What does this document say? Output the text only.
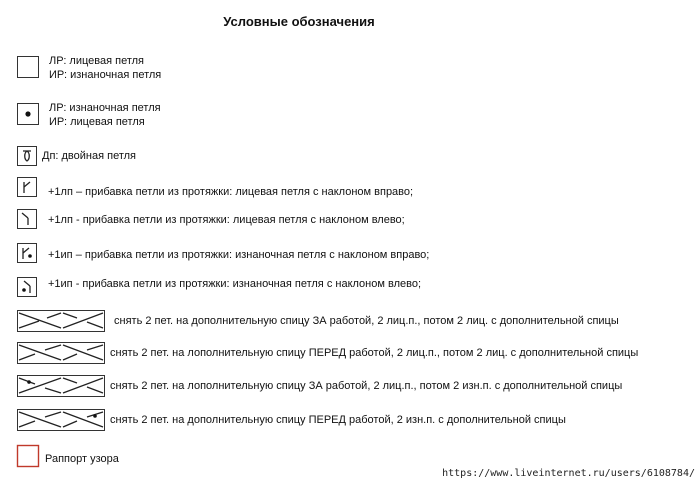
Условные обозначения
ЛР: лицевая петля
ИР: изнаночная петля
ЛР: изнаночная петля
ИР: лицевая петля
Дп: двойная петля
+1лп – прибавка петли из протяжки: лицевая петля с наклоном вправо;
+1лп - прибавка петли из протяжки: лицевая петля с наклоном влево;
+1ип – прибавка петли из протяжки: изнаночная петля с наклоном вправо;
+1ип - прибавка петли из протяжки: изнаночная петля с наклоном влево;
снять 2 пет. на дополнительную спицу ЗА работой, 2 лиц.п., потом 2 лиц. с дополнительной спицы
снять 2 пет. на лополнительную спицу ПЕРЕД работой, 2 лиц.п., потом 2 лиц. с дополнительной спицы
снять 2 пет. на лополнительную спицу ЗА работой, 2 лиц.п., потом 2 изн.п. с дополнительной спицы
снять 2 пет. на дополнительную спицу ПЕРЕД работой, 2 изн.п. с дополнительной спицы
Раппорт узора
https://www.liveinternet.ru/users/6108784/
